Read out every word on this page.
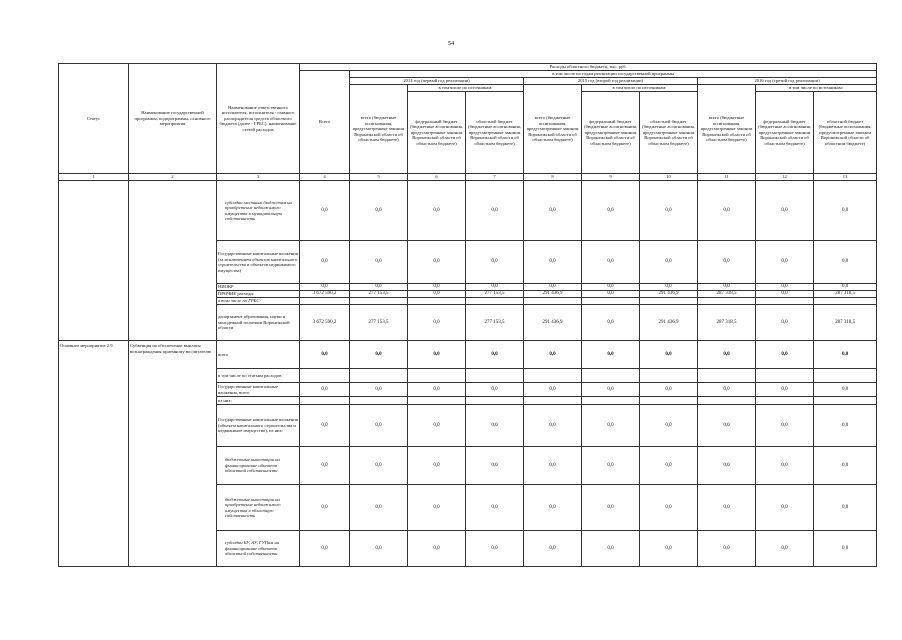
54
Статус	Наименование государственной программы, подпрограммы, основного мероприятия	Наименование ответственного исполнителя, исполнителя - главного распорядителя средств областного бюджета (далее - ГРБС), наименование статей расходов	Расходы областного бюджета, тыс. руб.									
			Всего	в том числе по годам реализации государственной программы								
				2014 год (первый год реализации)			2015 год (второй год реализации)			2016 год (третий год реализации)		
				всего (бюджетные ассигнования, предусмотренные законом Воронежской области об областном бюджете)	в том числе по источникам:		всего (бюджетные ассигнования, предусмотренные законом Воронежской области об областном бюджете)	в том числе по источникам:		всего (бюджетные ассигнования, предусмотренные законом Воронежской области об областном бюджете)	в том числе по источникам:	
					федеральный бюджет (бюджетные ассигнования, предусмотренные законом Воронежской области об областном бюджете)	областной бюджет (бюджетные ассигнования, предусмотренные законом Воронежской области об областном бюджете)		федеральный бюджет (бюджетные ассигнования, предусмотренные законом Воронежской области об областном бюджете)	областной бюджет (бюджетные ассигнования, предусмотренные законом Воронежской области об областном бюджете)		федеральный бюджет (бюджетные ассигнования, предусмотренные законом Воронежской области об областном бюджете)	областной бюджет (бюджетные ассигнования, предусмотренные законом Воронежской области об областном бюджете)
1	2	3	4	5	6	7	8	9	10	11	12	13
		субсидии местным бюджетам на приобретение недвижимого имущества в муниципальную собственность	0,0	0,0	0,0	0,0	0,0	0,0	0,0	0,0	0,0	0,0
		Государственные капитальные вложения (за исключением объектов капитального строительства и объектов недвижимого имущества)	0,0	0,0	0,0	0,0	0,0	0,0	0,0	0,0	0,0	0,0
		НИОКР	0,0	0,0	0,0	0,0	0,0	0,0	0,0	0,0	0,0	0,0
		ПРОЧИЕ расходы	3 672 590,2	277 153,5	0,0	277 153,5	291 436,9	0,0	291 436,9	287 318,5	0,0	287 318,5
		в том числе по ГРБС:										
		департамент образования, науки и молодежной политики Воронежской области	3 672 590,2	277 153,5	0,0	277 153,5	291 436,9	0,0	291 436,9	287 318,5	0,0	287 318,5
Основное мероприятие 2.9	Субвенция на обеспечение выплаты вознаграждения приемному воспитателю	всего	0,0	0,0	0,0	0,0	0,0	0,0	0,0	0,0	0,0	0,0
		в том числе по статьям расходов										
		Государственные капитальные вложения, всего	0,0	0,0	0,0	0,0	0,0	0,0	0,0	0,0	0,0	0,0
		из них:										
		Государственные капитальные вложения (объекты капитального строительства и недвижимое имущество), из них:	0,0	0,0	0,0	0,0	0,0	0,0	0,0	0,0	0,0	0,0
		бюджетные инвестиции на финансирование объектов областной собственности	0,0	0,0	0,0	0,0	0,0	0,0	0,0	0,0	0,0	0,0
		бюджетные инвестиции на приобретение недвижимого имущества в областную собственность	0,0	0,0	0,0	0,0	0,0	0,0	0,0	0,0	0,0	0,0
		субсидии БУ, АУ, ГУПам на финансирование объектов областной собственности	0,0	0,0	0,0	0,0	0,0	0,0	0,0	0,0	0,0	0,0
